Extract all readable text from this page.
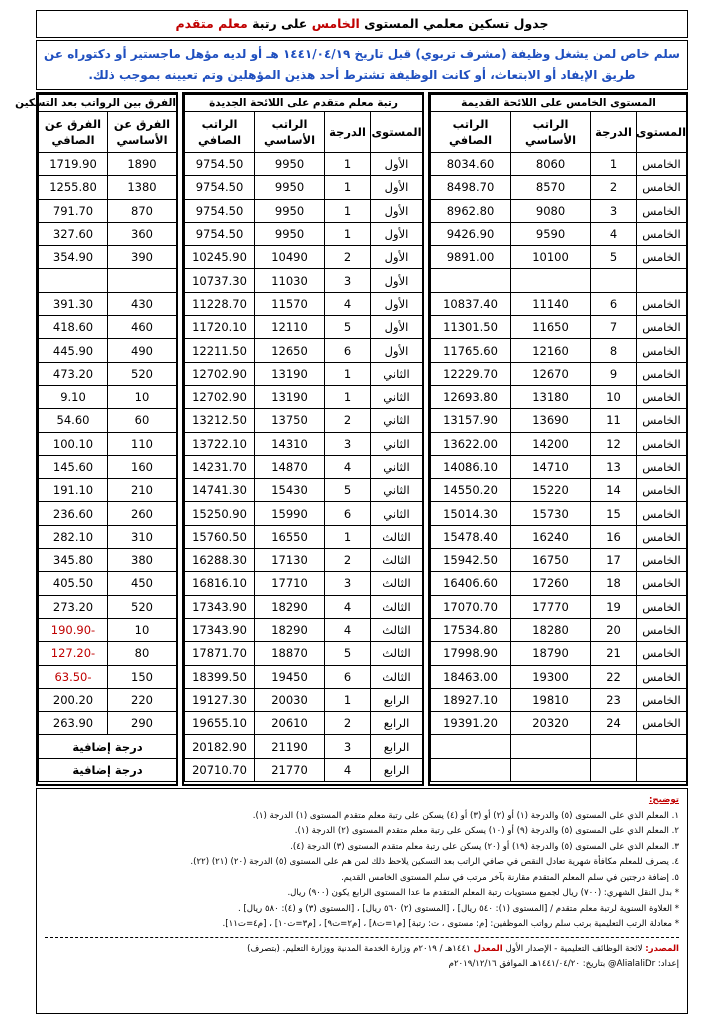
جدول تسكين معلمي المستوى الخامس على رتبة معلم متقدم
سلم خاص لمن يشغل وظيفة (مشرف تربوي) قبل تاريخ ١٤٤١/٠٤/١٩ هـ أو لديه مؤهل ماجستير أو دكتوراه عن طريق الإيفاد أو الابتعاث، أو كانت الوظيفة تشترط أحد هذين المؤهلين وتم تعيينه بموجب ذلك.
المستوى الخامس على اللائحة القديمة			
المستوى	الدرجة	الراتب الأساسي	الراتب الصافي
الخامس	1	8060	8034.60
الخامس	2	8570	8498.70
الخامس	3	9080	8962.80
الخامس	4	9590	9426.90
الخامس	5	10100	9891.00

الخامس	6	11140	10837.40
الخامس	7	11650	11301.50
الخامس	8	12160	11765.60
الخامس	9	12670	12229.70
الخامس	10	13180	12693.80
الخامس	11	13690	13157.90
الخامس	12	14200	13622.00
الخامس	13	14710	14086.10
الخامس	14	15220	14550.20
الخامس	15	15730	15014.30
الخامس	16	16240	15478.40
الخامس	17	16750	15942.50
الخامس	18	17260	16406.60
الخامس	19	17770	17070.70
الخامس	20	18280	17534.80
الخامس	21	18790	17998.90
الخامس	22	19300	18463.00
الخامس	23	19810	18927.10
الخامس	24	20320	19391.20

رتبة معلم متقدم على اللائحة الجديدة			
المستوى	الدرجة	الراتب الأساسي	الراتب الصافي
الأول	1	9950	9754.50
الأول	1	9950	9754.50
الأول	1	9950	9754.50
الأول	1	9950	9754.50
الأول	2	10490	10245.90
الأول	3	11030	10737.30
الأول	4	11570	11228.70
الأول	5	12110	11720.10
الأول	6	12650	12211.50
الثاني	1	13190	12702.90
الثاني	1	13190	12702.90
الثاني	2	13750	13212.50
الثاني	3	14310	13722.10
الثاني	4	14870	14231.70
الثاني	5	15430	14741.30
الثاني	6	15990	15250.90
الثالث	1	16550	15760.50
الثالث	2	17130	16288.30
الثالث	3	17710	16816.10
الثالث	4	18290	17343.90
الثالث	4	18290	17343.90
الثالث	5	18870	17871.70
الثالث	6	19450	18399.50
الرابع	1	20030	19127.30
الرابع	2	20610	19655.10
الرابع	3	21190	20182.90
الرابع	4	21770	20710.70
الفرق بين الرواتب بعد التسكين	
الفرق عن الأساسي	الفرق عن الصافي
1890	1719.90
1380	1255.80
870	791.70
360	327.60
390	354.90

430	391.30
460	418.60
490	445.90
520	473.20
10	9.10
60	54.60
110	100.10
160	145.60
210	191.10
260	236.60
310	282.10
380	345.80
450	405.50
520	273.20
10	-190.90
80	-127.20
150	-63.50
220	200.20
290	263.90
درجة إضافية	
درجة إضافية	
توضيح:
١. المعلم الذي على المستوى (٥) والدرجة (١) أو (٢) أو (٣) أو (٤) يسكن على رتبة معلم متقدم المستوى (١) الدرجة (١).
٢. المعلم الذي على المستوى (٥) والدرجة (٩) أو (١٠) يسكن على رتبة معلم متقدم المستوى (٢) الدرجة (١).
٣. المعلم الذي على المستوى (٥) والدرجة (١٩) أو (٢٠) يسكن على رتبة معلم متقدم المستوى (٣) الدرجة (٤).
٤. يصرف للمعلم مكافأة شهرية تعادل النقص في صافي الراتب بعد التسكين يلاحظ ذلك لمن هم على المستوى (٥) الدرجة (٢٠) (٢١) (٢٢).
٥. إضافة درجتين في سلم المعلم المتقدم مقارنة بآخر مرتب في سلم المستوى الخامس القديم.
* بدل النقل الشهري: (٧٠٠) ريال لجميع مستويات رتبة المعلم المتقدم ما عدا المستوى الرابع يكون (٩٠٠) ريال.
* العلاوة السنوية لرتبة معلم متقدم / [المستوى (١): ٥٤٠ ريال] ، [المستوى (٢) ٥٦٠ ريال] ، [المستوى (٣) و (٤): ٥٨٠ ريال] .
* معادلة الرتب التعليمية برتب سلم رواتب الموظفين: [م: مستوى ، ت: رتبة] [م١=ت٨] ، [م٢=ت٩] ، [م٣=ت١٠] ، [م٤=ت١١].
المصدر: لائحة الوظائف التعليمية - الإصدار الأول المعدل ١٤٤١هـ / ٢٠١٩م وزارة الخدمة المدنية ووزارة التعليم. (بتصرف)
إعداد: AlialaliDr@ بتاريخ: ١٤٤١/٠٤/٢٠هـ الموافق ٢٠١٩/١٢/١٦م
